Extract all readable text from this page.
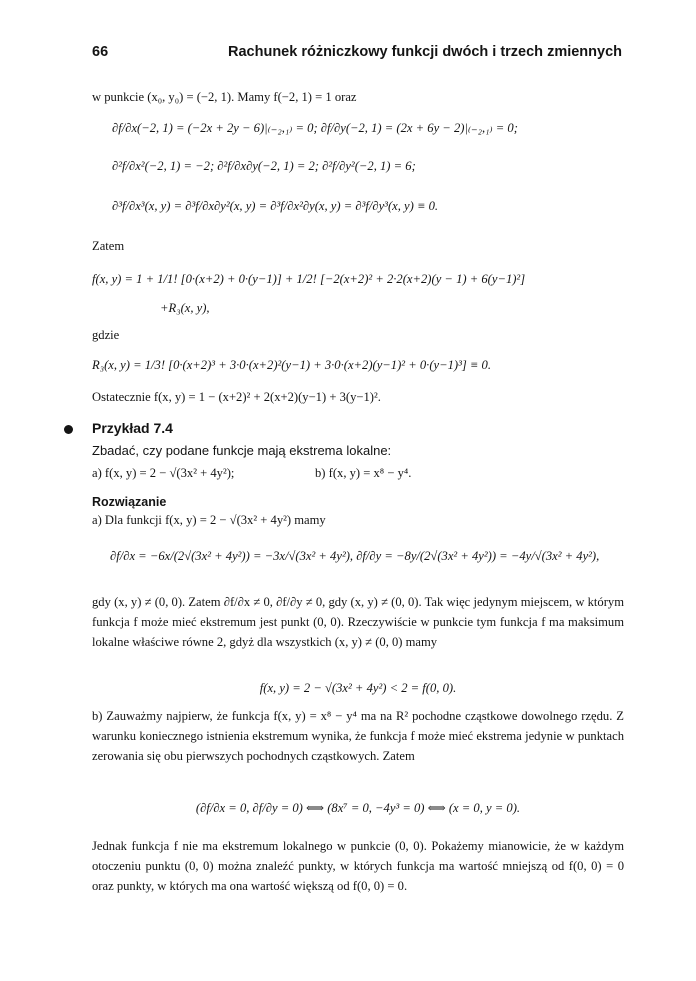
66	Rachunek różniczkowy funkcji dwóch i trzech zmiennych
w punkcie (x₀, y₀) = (−2, 1). Mamy f(−2, 1) = 1 oraz
∂f/∂x(−2, 1) = (−2x + 2y − 6)|₍₋₂,₁₎ = 0; ∂f/∂y(−2, 1) = (2x + 6y − 2)|₍₋₂,₁₎ = 0;
∂²f/∂x²(−2, 1) = −2; ∂²f/∂x∂y(−2, 1) = 2; ∂²f/∂y²(−2, 1) = 6;
∂³f/∂x³(x, y) = ∂³f/∂x∂y²(x, y) = ∂³f/∂x²∂y(x, y) = ∂³f/∂y³(x, y) ≡ 0.
Zatem
f(x, y) = 1 + 1/1! [0·(x+2) + 0·(y−1)] + 1/2! [−2(x+2)² + 2·2(x+2)(y − 1) + 6(y−1)²]
+R₃(x, y),
gdzie
R₃(x, y) = 1/3! [0·(x+2)³ + 3·0·(x+2)²(y−1) + 3·0·(x+2)(y−1)² + 0·(y−1)³] ≡ 0.
Ostatecznie f(x, y) = 1 − (x+2)² + 2(x+2)(y−1) + 3(y−1)².
Przykład 7.4
Zbadać, czy podane funkcje mają ekstrema lokalne:
a) f(x, y) = 2 − √(3x² + 4y²);	b) f(x, y) = x⁸ − y⁴.
Rozwiązanie
a) Dla funkcji f(x, y) = 2 − √(3x² + 4y²) mamy
∂f/∂x = −6x/(2√(3x² + 4y²)) = −3x/√(3x² + 4y²), ∂f/∂y = −8y/(2√(3x² + 4y²)) = −4y/√(3x² + 4y²),
gdy (x, y) ≠ (0, 0). Zatem ∂f/∂x ≠ 0, ∂f/∂y ≠ 0, gdy (x, y) ≠ (0, 0). Tak więc jedynym miejscem, w którym funkcja f może mieć ekstremum jest punkt (0, 0). Rzeczywiście w punkcie tym funkcja f ma maksimum lokalne właściwe równe 2, gdyż dla wszystkich (x, y) ≠ (0, 0) mamy
f(x, y) = 2 − √(3x² + 4y²) < 2 = f(0, 0).
b) Zauważmy najpierw, że funkcja f(x, y) = x⁸ − y⁴ ma na R² pochodne cząstkowe dowolnego rzędu. Z warunku koniecznego istnienia ekstremum wynika, że funkcja f może mieć ekstrema jedynie w punktach zerowania się obu pierwszych pochodnych cząstkowych. Zatem
(∂f/∂x = 0, ∂f/∂y = 0) ⟺ (8x⁷ = 0, −4y³ = 0) ⟺ (x = 0, y = 0).
Jednak funkcja f nie ma ekstremum lokalnego w punkcie (0, 0). Pokażemy mianowicie, że w każdym otoczeniu punktu (0, 0) można znaleźć punkty, w których funkcja ma wartość mniejszą od f(0, 0) = 0 oraz punkty, w których ma ona wartość większą od f(0, 0) = 0.
